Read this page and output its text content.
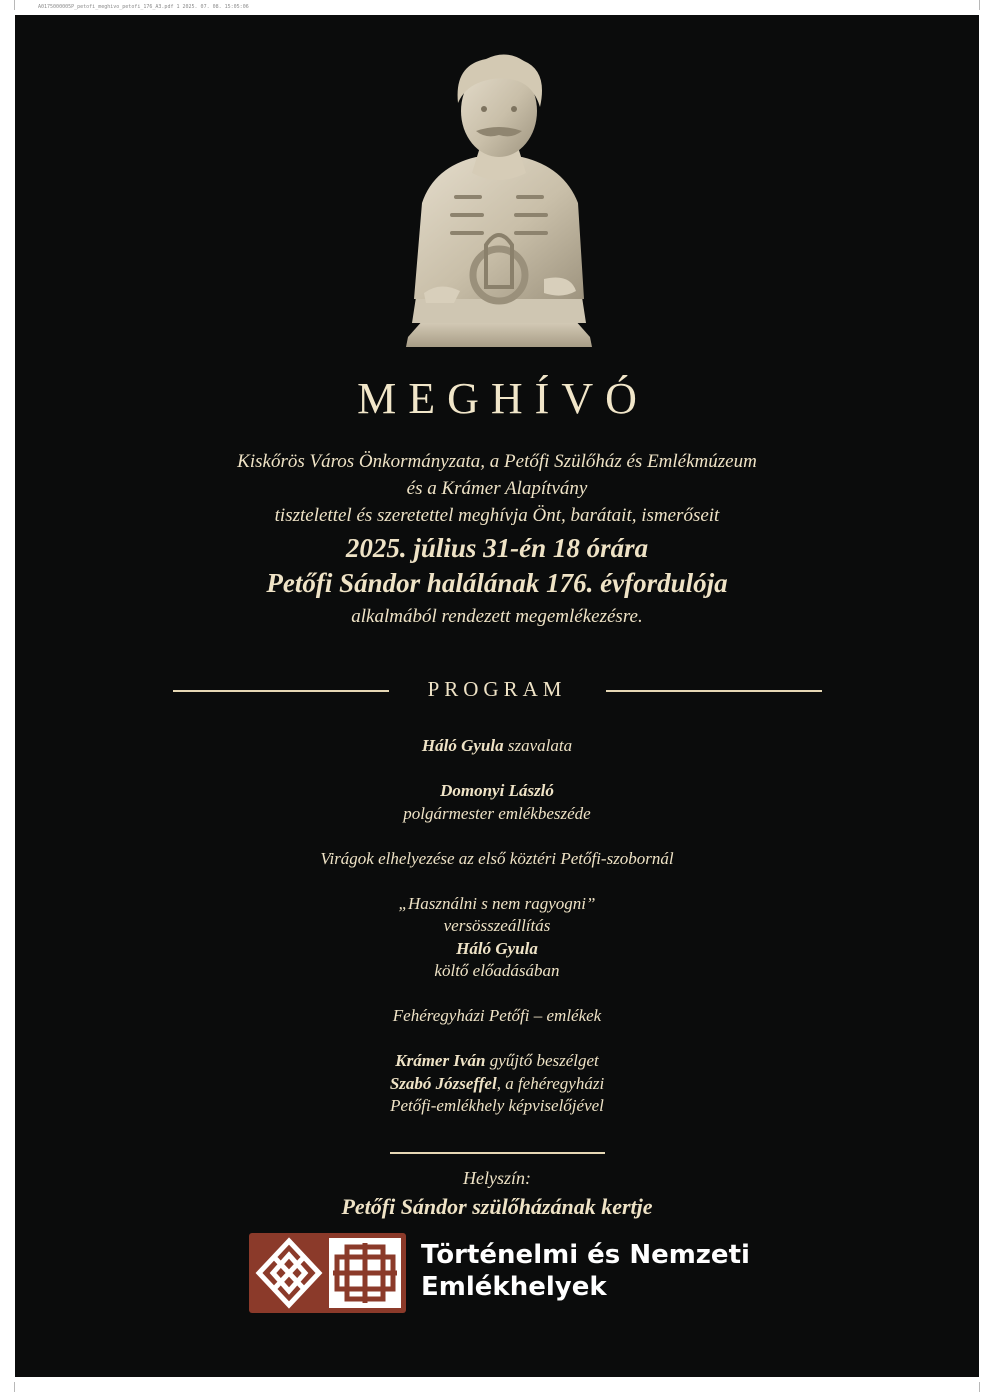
A0175000005P_petofi_meghivo_petofi_176_A3.pdf 1 2025. 07. 08. 15:05:06
MEGHÍVÓ
Kiskőrös Város Önkormányzata, a Petőfi Szülőház és Emlékmúzeum
és a Krámer Alapítvány
tisztelettel és szeretettel meghívja Önt, barátait, ismerőseit
2025. július 31-én 18 órára
Petőfi Sándor halálának 176. évfordulója
alkalmából rendezett megemlékezésre.
PROGRAM
Háló Gyula szavalata
Domonyi László
polgármester emlékbeszéde
Virágok elhelyezése az első köztéri Petőfi-szobornál
„Használni s nem ragyogni”
versösszeállítás
Háló Gyula
költő előadásában
Fehéregyházi Petőfi – emlékek
Krámer Iván gyűjtő beszélget
Szabó Józseffel, a fehéregyházi
Petőfi-emlékhely képviselőjével
Helyszín:
Petőfi Sándor szülőházának kertje
Történelmi és Nemzeti
Emlékhelyek
